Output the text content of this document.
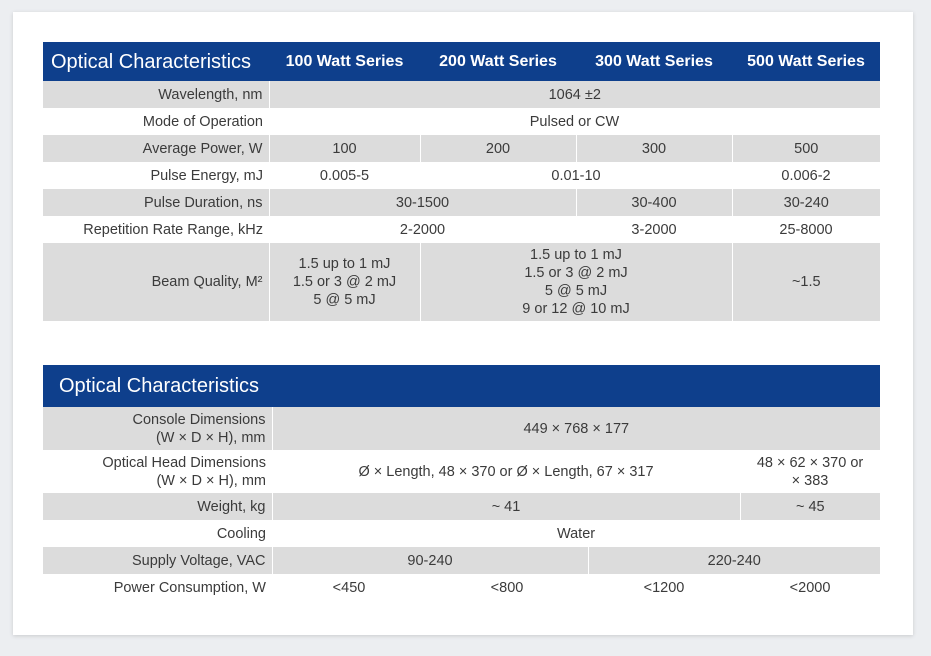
Optical Characteristics	100 Watt Series	200 Watt Series	300 Watt Series	500 Watt Series
Wavelength, nm	1064 ±2			
Mode of Operation	Pulsed or CW			
Average Power, W	100	200	300	500
Pulse Energy, mJ	0.005-5	0.01-10		0.006-2
Pulse Duration, ns	30-1500		30-400	30-240
Repetition Rate Range, kHz	2-2000		3-2000	25-8000
Beam Quality, M²	1.5 up to 1 mJ
1.5 or 3 @ 2 mJ
5 @ 5 mJ	1.5 up to 1 mJ
1.5 or 3 @ 2 mJ
5 @ 5 mJ
9 or 12 @ 10 mJ		~1.5
Optical Characteristics				

Console Dimensions
(W × D × H), mm	449 × 768 × 177			

Optical Head Dimensions
(W × D × H), mm	Ø × Length, 48 × 370 or Ø × Length, 67 × 317			48 × 62 × 370 or
× 383

Weight, kg	~ 41			~ 45
Cooling	Water			
Supply Voltage, VAC	90-240		220-240	
Power Consumption, W	<450	<800	<1200	<2000
